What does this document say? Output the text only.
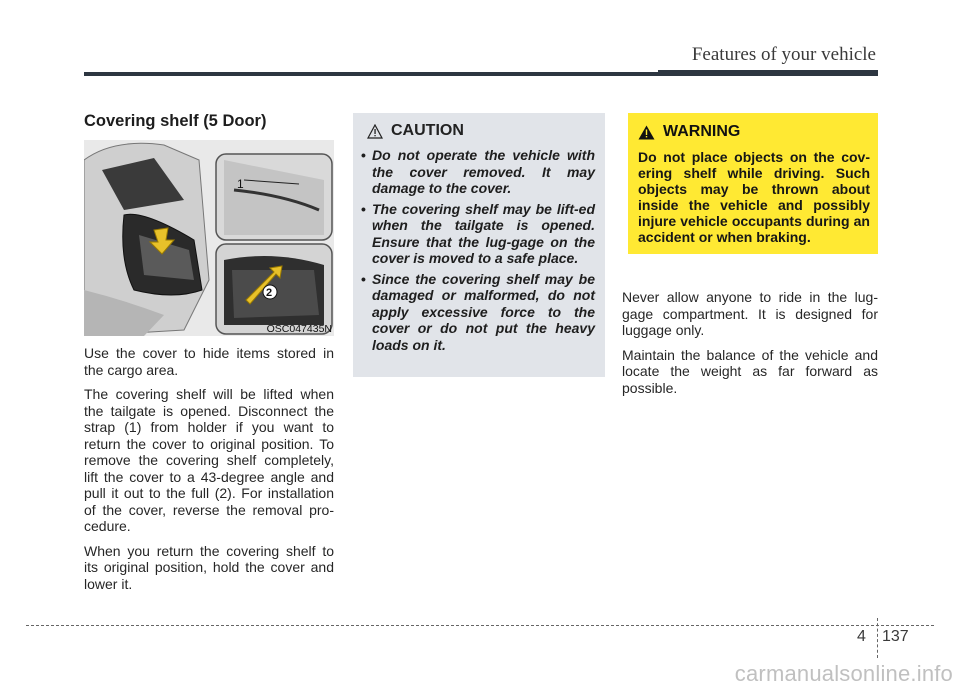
Features of your vehicle
Covering shelf (5 Door)
1
2
OSC047435N

Use the cover to hide items stored in the cargo area.

The covering shelf will be lifted when the tailgate is opened. Disconnect the strap (1) from holder if you want to return the cover to original position. To remove the covering shelf completely, lift the cover to a 43-degree angle and pull it out to the full (2). For installation of the cover, reverse the removal pro-cedure.

When you return the covering shelf to its original position, hold the cover and lower it.

CAUTION
• Do not operate the vehicle with the cover removed. It may damage to the cover.
• The covering shelf may be lift-ed when the tailgate is opened. Ensure that the lug-gage on the cover is moved to a safe place.
• Since the covering shelf may be damaged or malformed, do not apply excessive force to the cover or do not put the heavy loads on it.
WARNING
Do not place objects on the cov-ering shelf while driving. Such objects may be thrown about inside the vehicle and possibly injure vehicle occupants during an accident or when braking.

Never allow anyone to ride in the lug-gage compartment. It is designed for luggage only.

Maintain the balance of the vehicle and locate the weight as far forward as possible.

4 137
carmanualsonline.info
